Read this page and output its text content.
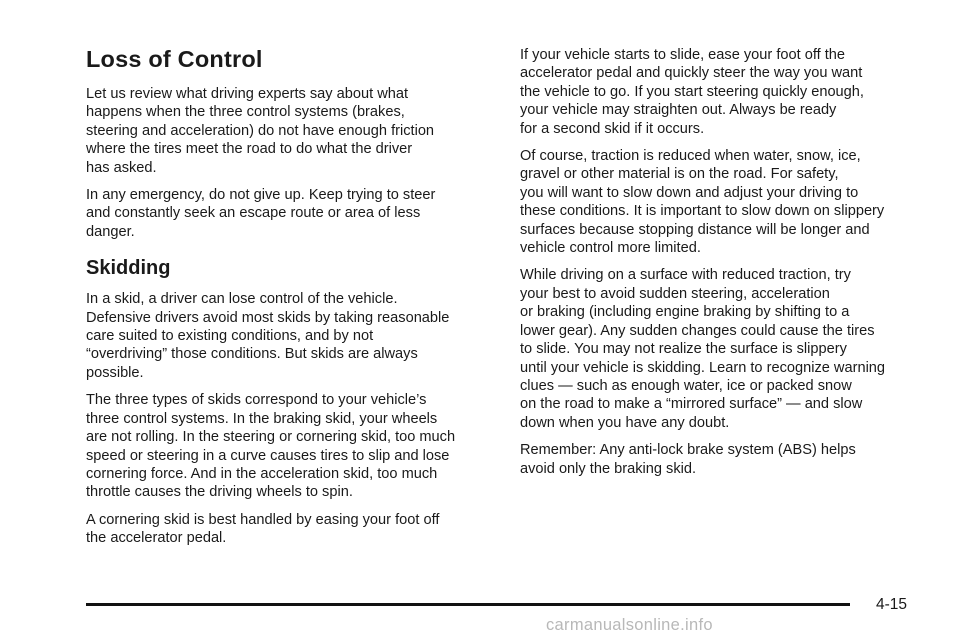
Loss of Control

Let us review what driving experts say about what
happens when the three control systems (brakes,
steering and acceleration) do not have enough friction
where the tires meet the road to do what the driver
has asked.

In any emergency, do not give up. Keep trying to steer
and constantly seek an escape route or area of less
danger.

Skidding

In a skid, a driver can lose control of the vehicle.
Defensive drivers avoid most skids by taking reasonable
care suited to existing conditions, and by not
“overdriving” those conditions. But skids are always
possible.

The three types of skids correspond to your vehicle’s
three control systems. In the braking skid, your wheels
are not rolling. In the steering or cornering skid, too much
speed or steering in a curve causes tires to slip and lose
cornering force. And in the acceleration skid, too much
throttle causes the driving wheels to spin.

A cornering skid is best handled by easing your foot off
the accelerator pedal.

If your vehicle starts to slide, ease your foot off the
accelerator pedal and quickly steer the way you want
the vehicle to go. If you start steering quickly enough,
your vehicle may straighten out. Always be ready
for a second skid if it occurs.

Of course, traction is reduced when water, snow, ice,
gravel or other material is on the road. For safety,
you will want to slow down and adjust your driving to
these conditions. It is important to slow down on slippery
surfaces because stopping distance will be longer and
vehicle control more limited.

While driving on a surface with reduced traction, try
your best to avoid sudden steering, acceleration
or braking (including engine braking by shifting to a
lower gear). Any sudden changes could cause the tires
to slide. You may not realize the surface is slippery
until your vehicle is skidding. Learn to recognize warning
clues — such as enough water, ice or packed snow
on the road to make a “mirrored surface” — and slow
down when you have any doubt.

Remember: Any anti-lock brake system (ABS) helps
avoid only the braking skid.

4-15
carmanualsonline.info
